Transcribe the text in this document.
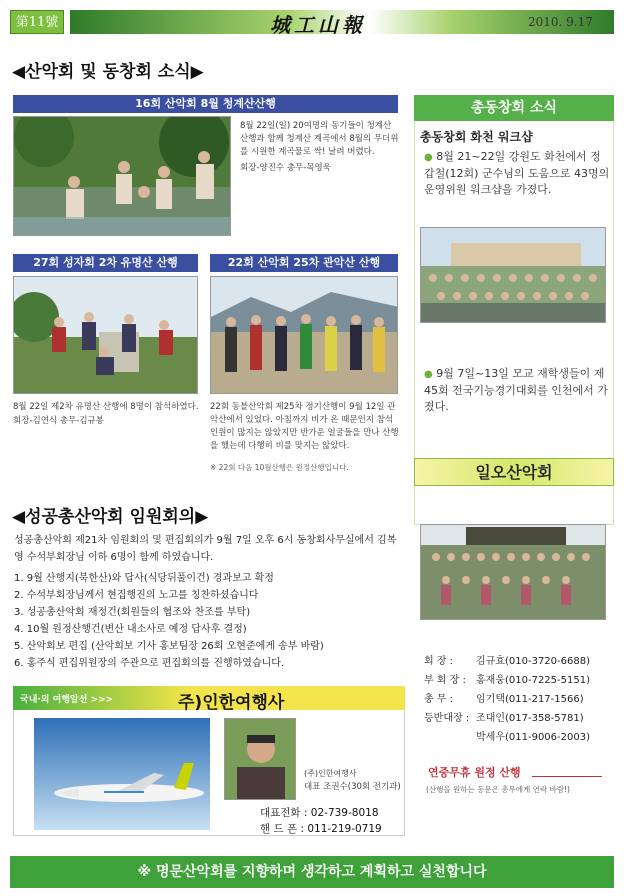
第11號	城工山報	2010. 9.17
◀산악회 및 동창회 소식▶
16회 산악회 8월 청계산산행
8월 22일(일) 20여명의 동기들이 청계산 산행과 함께 청계산 계곡에서 8월의 무더위를 시원한 계곡물로 싹! 날려 버렸다.
회장-양진수 총무-목영욱
27회 성자회 2차 유명산 산행
8월 22일 제2차 유명산 산행에 8명이 참석하였다.
회장-김연식 총무-김규봉
22회 산악회 25차 관악산 산행
22회 동블산악회 제25차 정기산행이 9월 12일 관악산에서 있었다. 아침까지 비가 온 때문인지 참석인원이 많지는 않았지만 반가운 얼굴들을 만나 산행을 했는데 다행히 비를 맞지는 않았다.
※ 22회 다음 10월산행은 원정산행입니다.
총동창회 소식
총동창회 화천 워크샵
● 8월 21~22일 강원도 화천에서 정갑철(12회) 군수님의 도움으로 43명의 운영위원 워크샵을 가졌다.
● 9월 7일~13일 모교 재학생들이 제45회 전국기능경기대회를 인천에서 가졌다.
◀성공총산악회 임원회의▶
성공총산악회 제21차 임원회의 및 편집회의가 9월 7일 오후 6시 동창회사무실에서 김복영 수석부회장님 이하 6명이 함께 하였습니다.
1. 9월 산행지(북한산)와 답사(식당뒤풀이건) 경과보고 확정
2. 수석부회장님께서 현집행진의 노고를 칭찬하셨습니다
3. 성공총산악회 재정건(회원들의 협조와 찬조를 부탁)
4. 10월 원정산행건(변산 내소사로 예정 답사후 결정)
5. 산악회보 편집 (산악회보 기사 홍보팀장 26회 오현준에게 송부 바람)
6. 홍주식 편집위원장의 주관으로 편집회의를 진행하였습니다.
국내·외 여행알선 >>>	주)인한여행사
(주)인한여행사
대표 조권수(30회 전기과)
대표전화 : 02-739-8018
핸 드 폰 : 011-219-0719
일오산악회
회 장 : 김규효(010-3720-6688)
부 회 장 : 홍재웅(010-7225-5151)
총 무 : 임기택(011-217-1566)
등반대장 : 조대인(017-358-5781)
박세우(011-9006-2003)
연중무휴 원정 산행
(산행을 원하는 동문은 총무에게 연락 바람!)
※ 명문산악회를 지향하며 생각하고 계획하고 실천합니다
